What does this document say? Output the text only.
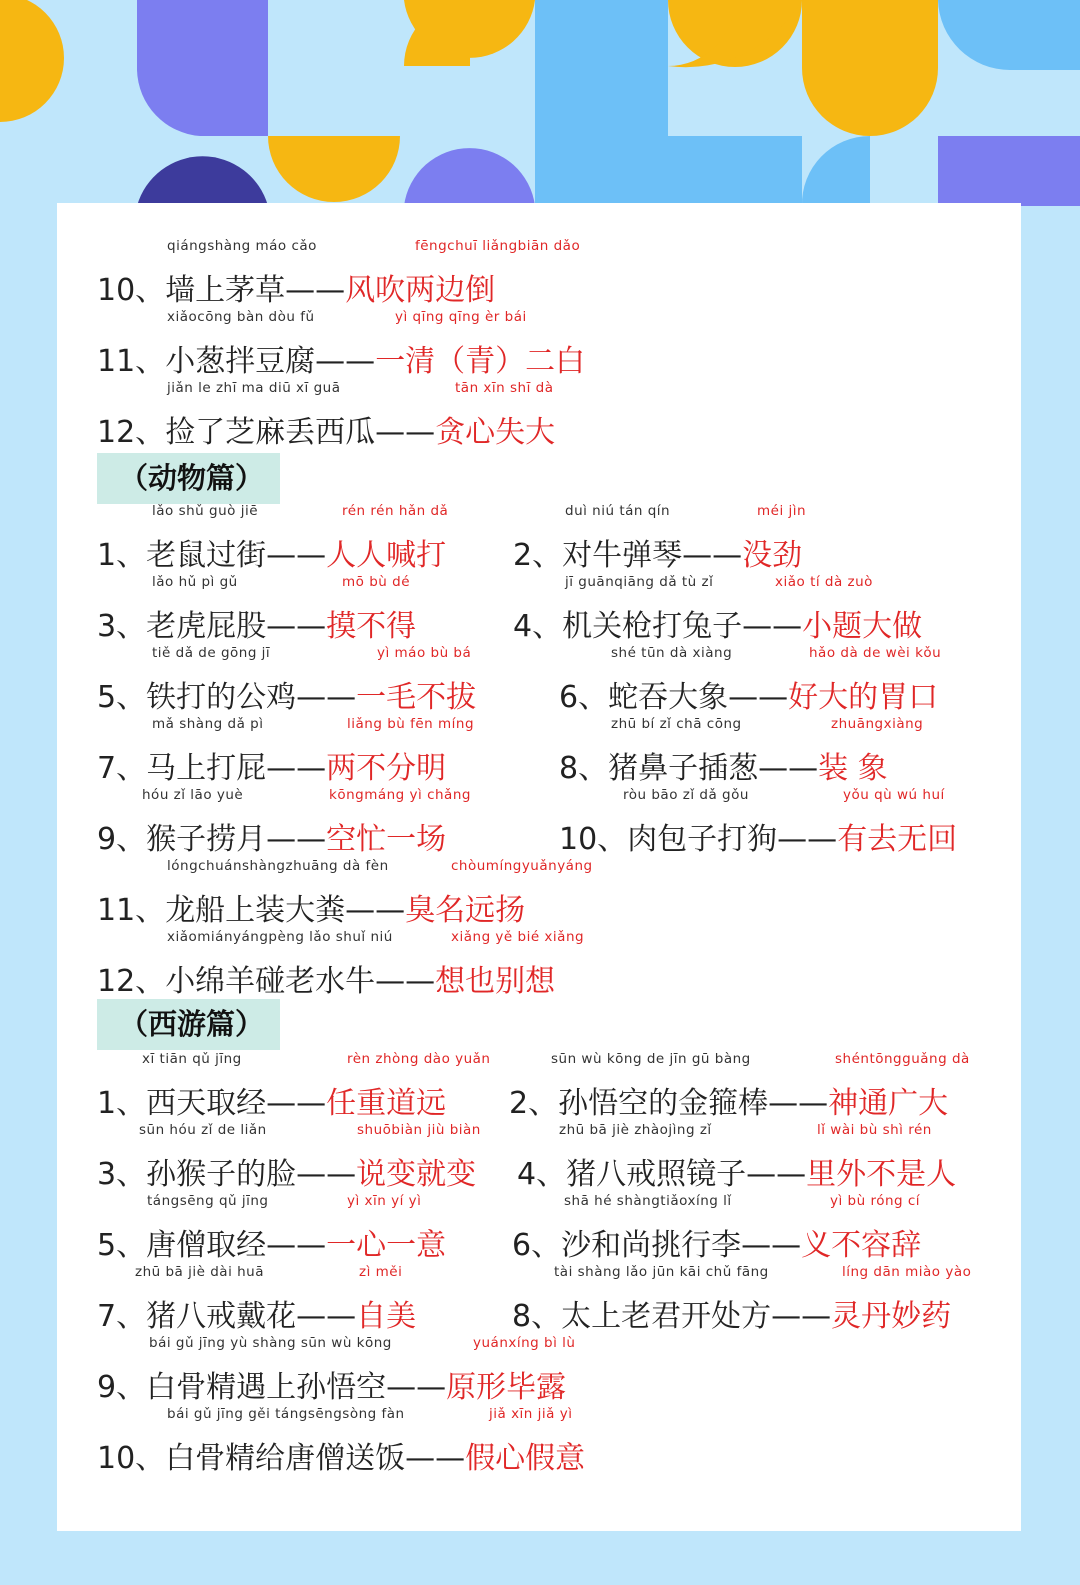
qiángshàng máo cǎo	fēngchuī liǎngbiān dǎo
10、墙上茅草——风吹两边倒
xiǎocōng bàn dòu fǔ	yì qīng qīng èr bái
11、小葱拌豆腐——一清（青）二白
jiǎn le zhī ma diū xī guā	tān xīn shī dà
12、捡了芝麻丢西瓜——贪心失大
（动物篇）
lǎo shǔ guò jiē	rén rén hǎn dǎ
1、老鼠过街——人人喊打
duì niú tán qín	méi jìn
2、对牛弹琴——没劲
lǎo hǔ pì gǔ	mō bù dé
3、老虎屁股——摸不得
jī guānqiāng dǎ tù zǐ	xiǎo tí dà zuò
4、机关枪打兔子——小题大做
tiě dǎ de gōng jī	yì máo bù bá
5、铁打的公鸡——一毛不拔
shé tūn dà xiàng	hǎo dà de wèi kǒu
6、蛇吞大象——好大的胃口
mǎ shàng dǎ pì	liǎng bù fēn míng
7、马上打屁——两不分明
zhū bí zǐ chā cōng	zhuāngxiàng
8、猪鼻子插葱——装 象
hóu zǐ lāo yuè	kōngmáng yì chǎng
9、猴子捞月——空忙一场
ròu bāo zǐ dǎ gǒu	yǒu qù wú huí
10、肉包子打狗——有去无回
lóngchuánshàngzhuāng dà fèn	chòumíngyuǎnyáng
11、龙船上装大粪——臭名远扬
xiǎomiányángpèng lǎo shuǐ niú	xiǎng yě bié xiǎng
12、小绵羊碰老水牛——想也别想
（西游篇）
xī tiān qǔ jīng	rèn zhòng dào yuǎn
1、西天取经——任重道远
sūn wù kōng de jīn gū bàng	shéntōngguǎng dà
2、孙悟空的金箍棒——神通广大
sūn hóu zǐ de liǎn	shuōbiàn jiù biàn
3、孙猴子的脸——说变就变
zhū bā jiè zhàojìng zǐ	lǐ wài bù shì rén
4、猪八戒照镜子——里外不是人
tángsēng qǔ jīng	yì xīn yí yì
5、唐僧取经——一心一意
shā hé shàngtiǎoxíng lǐ	yì bù róng cí
6、沙和尚挑行李——义不容辞
zhū bā jiè dài huā	zì měi
7、猪八戒戴花——自美
tài shàng lǎo jūn kāi chǔ fāng	líng dān miào yào
8、太上老君开处方——灵丹妙药
bái gǔ jīng yù shàng sūn wù kōng	yuánxíng bì lù
9、白骨精遇上孙悟空——原形毕露
bái gǔ jīng gěi tángsēngsòng fàn	jiǎ xīn jiǎ yì
10、白骨精给唐僧送饭——假心假意
